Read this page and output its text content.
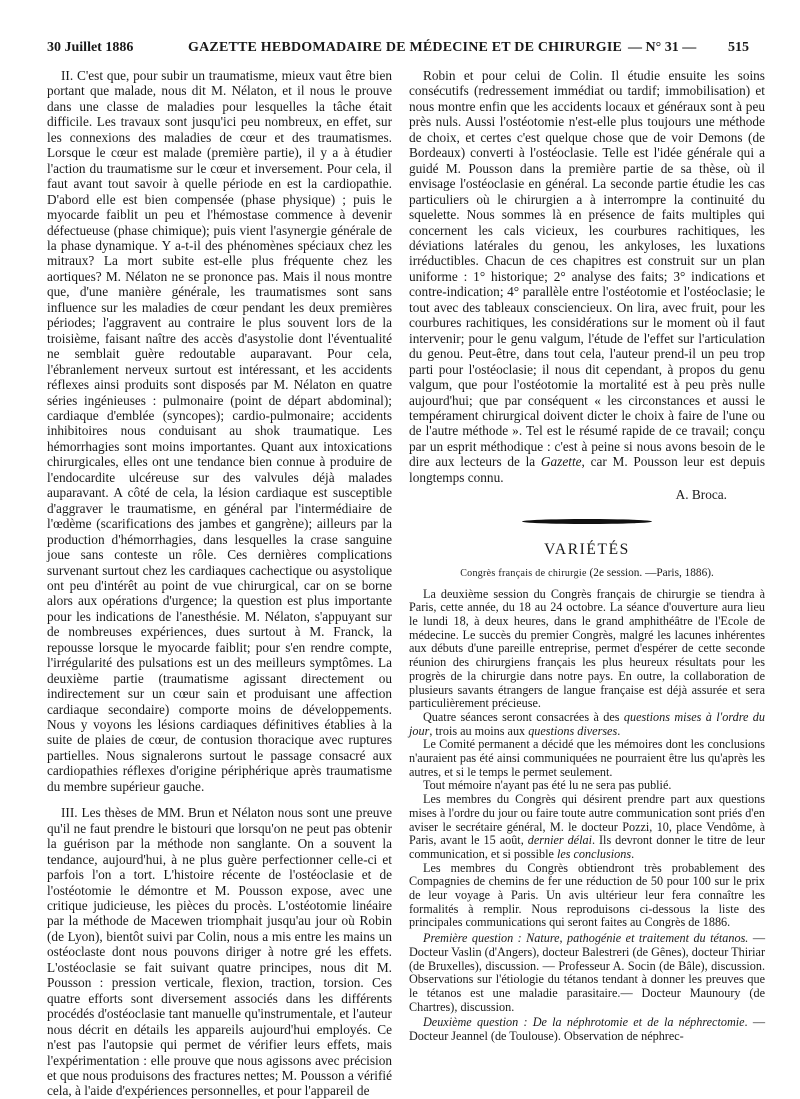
30 Juillet 1886	GAZETTE HEBDOMADAIRE DE MÉDECINE ET DE CHIRURGIE — N° 31 — 515

II. C'est que, pour subir un traumatisme, mieux vaut être bien portant que malade, nous dit M. Nélaton, et il nous le prouve dans une classe de maladies pour lesquelles la tâche était difficile. Les travaux sont jusqu'ici peu nombreux, en effet, sur les connexions des maladies de cœur et des traumatismes. Lorsque le cœur est malade (première partie), il y a à étudier l'action du traumatisme sur le cœur et inversement. Pour cela, il faut avant tout savoir à quelle période en est la cardiopathie. D'abord elle est bien compensée (phase physique) ; puis le myocarde faiblit un peu et l'hémostase commence à devenir défectueuse (phase chimique); puis vient l'asynergie générale de la phase dynamique. Y a-t-il des phénomènes spéciaux chez les mitraux? La mort subite est-elle plus fréquente chez les aortiques? M. Nélaton ne se prononce pas. Mais il nous montre que, d'une manière générale, les traumatismes sont sans influence sur les maladies de cœur pendant les deux premières périodes; l'aggravent au contraire le plus souvent lors de la troisième, faisant naître des accès d'asystolie dont l'éventualité ne semblait guère redoutable auparavant. Pour cela, l'ébranlement nerveux surtout est intéressant, et les accidents réflexes ainsi produits sont disposés par M. Nélaton en quatre séries ingénieuses : pulmonaire (point de départ abdominal); cardiaque d'emblée (syncopes); cardio-pulmonaire; accidents inhibitoires nous conduisant au shok traumatique. Les hémorrhagies sont moins importantes. Quant aux intoxications chirurgicales, elles ont une tendance bien connue à produire de l'endocardite ulcéreuse sur des valvules déjà malades auparavant. A côté de cela, la lésion cardiaque est susceptible d'aggraver le traumatisme, en général par l'intermédiaire de l'œdème (scarifications des jambes et gangrène); ailleurs par la production d'hémorrhagies, dans lesquelles la crase sanguine joue sans conteste un rôle. Ces dernières complications survenant surtout chez les cardiaques cachectique ou asystolique ont peu d'intérêt au point de vue chirurgical, car on se borne alors aux opérations d'urgence; la question est plus importante pour les indications de l'anesthésie. M. Nélaton, s'appuyant sur de nombreuses expériences, dues surtout à M. Franck, la repousse lorsque le myocarde faiblit; pour s'en rendre compte, l'irrégularité des pulsations est un des meilleurs symptômes. La deuxième partie (traumatisme agissant directement ou indirectement sur un cœur sain et produisant une affection cardiaque secondaire) comporte moins de développements. Nous y voyons les lésions cardiaques définitives établies à la suite de plaies de cœur, de contusion thoracique avec ruptures partielles. Nous signalerons surtout le passage consacré aux cardiopathies réflexes d'origine périphérique après traumatisme du membre supérieur gauche.

III. Les thèses de MM. Brun et Nélaton nous sont une preuve qu'il ne faut prendre le bistouri que lorsqu'on ne peut pas obtenir la guérison par la méthode non sanglante. On a souvent la tendance, aujourd'hui, à ne plus guère perfectionner celle-ci et parfois l'on a tort. L'histoire récente de l'ostéoclasie et de l'ostéotomie le démontre et M. Pousson expose, avec une critique judicieuse, les pièces du procès. L'ostéotomie linéaire par la méthode de Macewen triomphait jusqu'au jour où Robin (de Lyon), bientôt suivi par Colin, nous a mis entre les mains un ostéoclaste dont nous pouvons diriger à notre gré les effets. L'ostéoclasie se fait suivant quatre principes, nous dit M. Pousson : pression verticale, flexion, traction, torsion. Ces quatre efforts sont diversement associés dans les différents procédés d'ostéoclasie tant manuelle qu'instrumentale, et l'auteur nous décrit en détails les appareils aujourd'hui employés. Ce n'est pas l'autopsie qui permet de vérifier leurs effets, mais l'expérimentation : elle prouve que nous agissons avec précision et que nous produisons des fractures nettes; M. Pousson a vérifié cela, à l'aide d'expériences personnelles, et pour l'appareil de

Robin et pour celui de Colin. Il étudie ensuite les soins consécutifs (redressement immédiat ou tardif; immobilisation) et nous montre enfin que les accidents locaux et généraux sont à peu près nuls. Aussi l'ostéotomie n'est-elle plus toujours une méthode de choix, et certes c'est quelque chose que de voir Demons (de Bordeaux) converti à l'ostéoclasie. Telle est l'idée générale qui a guidé M. Pousson dans la première partie de sa thèse, où il envisage l'ostéoclasie en général. La seconde partie étudie les cas particuliers où le chirurgien a à interrompre la continuité du squelette. Nous sommes là en présence de faits multiples qui concernent les cals vicieux, les courbures rachitiques, les déviations latérales du genou, les ankyloses, les luxations irréductibles. Chacun de ces chapitres est construit sur un plan uniforme : 1° historique; 2° analyse des faits; 3° indications et contre-indication; 4° parallèle entre l'ostéotomie et l'ostéoclasie; le tout avec des tableaux consciencieux. On lira, avec fruit, pour les courbures rachitiques, les considérations sur le moment où il faut intervenir; pour le genu valgum, l'étude de l'effet sur l'articulation du genou. Peut-être, dans tout cela, l'auteur prend-il un peu trop parti pour l'ostéoclasie; il nous dit cependant, à propos du genu valgum, que pour l'ostéotomie la mortalité est à peu près nulle aujourd'hui; que par conséquent « les circonstances et aussi le tempérament chirurgical doivent dicter le choix à faire de l'une ou de l'autre méthode ». Tel est le résumé rapide de ce travail; conçu par un esprit méthodique : c'est à peine si nous avons besoin de le dire aux lecteurs de la Gazette, car M. Pousson leur est depuis longtemps connu.

A. Broca.
VARIÉTÉS
Congrès français de chirurgie (2e session. —Paris, 1886).

La deuxième session du Congrès français de chirurgie se tiendra à Paris, cette année, du 18 au 24 octobre. La séance d'ouverture aura lieu le lundi 18, à deux heures, dans le grand amphithéâtre de l'Ecole de médecine. Le succès du premier Congrès, malgré les lacunes inhérentes aux débuts d'une pareille entreprise, permet d'espérer de cette seconde réunion des chirurgiens français les plus heureux résultats pour les progrès de la chirurgie dans notre pays. En outre, la collaboration de plusieurs savants étrangers de langue française est déjà assurée et sera particulièrement précieuse.

Quatre séances seront consacrées à des questions mises à l'ordre du jour, trois au moins aux questions diverses.

Le Comité permanent a décidé que les mémoires dont les conclusions n'auraient pas été ainsi communiquées ne pourraient être lus qu'après les autres, et si le temps le permet seulement.

Tout mémoire n'ayant pas été lu ne sera pas publié.

Les membres du Congrès qui désirent prendre part aux questions mises à l'ordre du jour ou faire toute autre communication sont priés d'en aviser le secrétaire général, M. le docteur Pozzi, 10, place Vendôme, à Paris, avant le 15 août, dernier délai. Ils devront donner le titre de leur communication, et si possible les conclusions.

Les membres du Congrès obtiendront très probablement des Compagnies de chemins de fer une réduction de 50 pour 100 sur le prix de leur voyage à Paris. Un avis ultérieur leur fera connaître les formalités à remplir. Nous reproduisons ci-dessous la liste des principales communications qui seront faites au Congrès de 1886.

Première question : Nature, pathogénie et traitement du tétanos. — Docteur Vaslin (d'Angers), docteur Balestreri (de Gênes), docteur Thiriar (de Bruxelles), discussion. — Professeur A. Socin (de Bâle), discussion. Observations sur l'étiologie du tétanos tendant à donner les preuves que le tétanos est une maladie parasitaire.— Docteur Maunoury (de Chartres), discussion.

Deuxième question : De la néphrotomie et de la néphrectomie. — Docteur Jeannel (de Toulouse). Observation de néphrec-
